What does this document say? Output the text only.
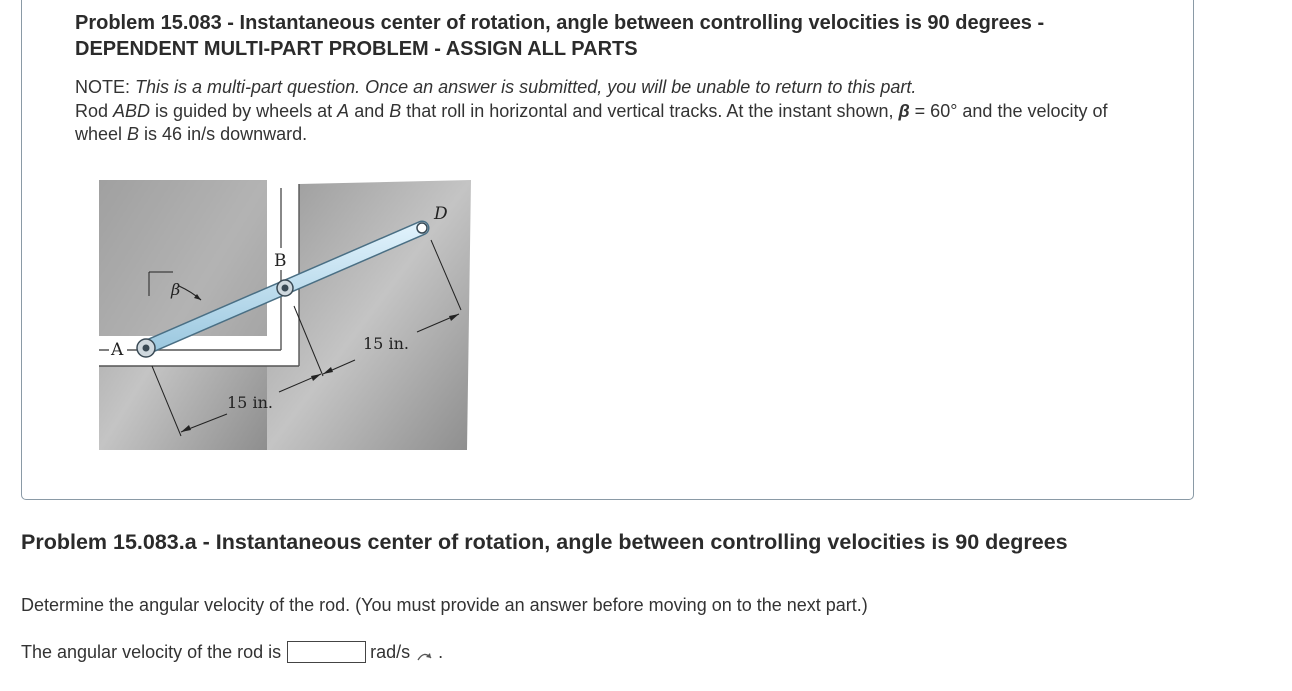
Problem 15.083 - Instantaneous center of rotation, angle between controlling velocities is 90 degrees - DEPENDENT MULTI-PART PROBLEM - ASSIGN ALL PARTS
NOTE: This is a multi-part question. Once an answer is submitted, you will be unable to return to this part.
Rod ABD is guided by wheels at A and B that roll in horizontal and vertical tracks. At the instant shown, β = 60° and the velocity of wheel B is 46 in/s downward.
A
B
D
β
15 in.
15 in.
Problem 15.083.a - Instantaneous center of rotation, angle between controlling velocities is 90 degrees
Determine the angular velocity of the rod. (You must provide an answer before moving on to the next part.)
The angular velocity of the rod is	rad/s .
